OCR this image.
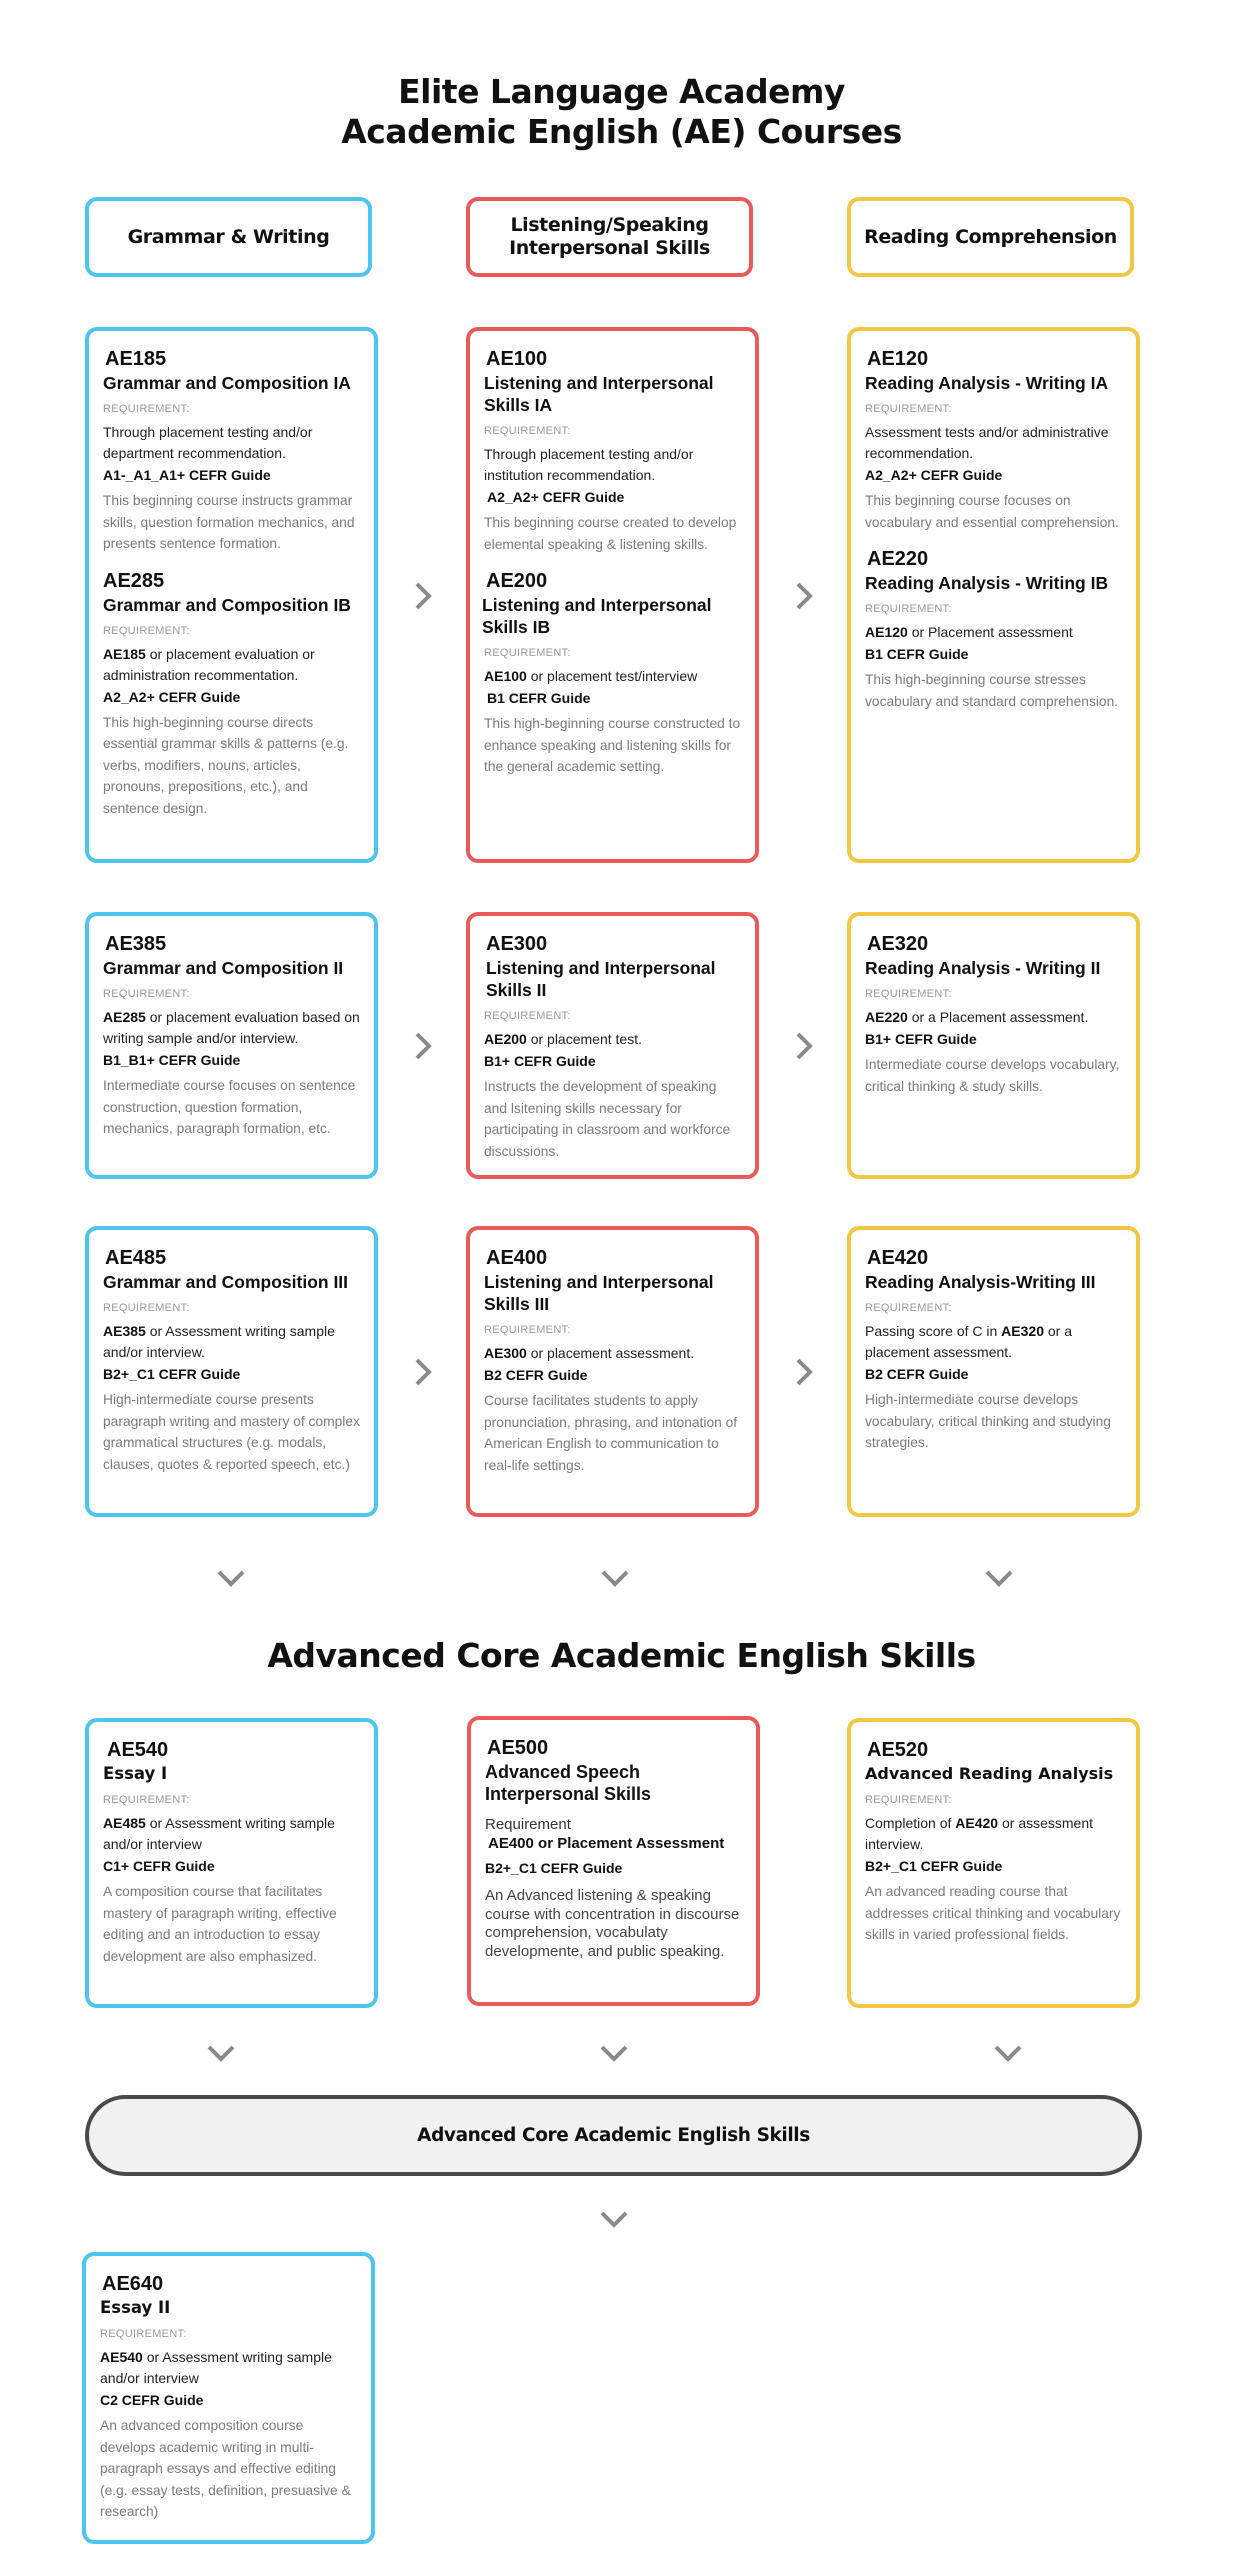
Elite Language Academy
Academic English (AE) Courses
Grammar & Writing
Listening/Speaking
Interpersonal Skills
Reading Comprehension
AE185
Grammar and Composition IA
REQUIREMENT:
Through placement testing and/or department recommendation.
A1-_A1_A1+ CEFR Guide
This beginning course instructs grammar skills, question formation mechanics, and presents sentence formation.
AE285
Grammar and Composition IB
REQUIREMENT:
AE185 or placement evaluation or administration recommentation.
A2_A2+ CEFR Guide
This high-beginning course directs essential grammar skills & patterns (e.g. verbs, modifiers, nouns, articles, pronouns, prepositions, etc.), and sentence design.
AE100
Listening and Interpersonal Skills IA
REQUIREMENT:
Through placement testing and/or institution recommendation.
A2_A2+ CEFR Guide
This beginning course created to develop elemental speaking & listening skills.
AE200
Listening and Interpersonal Skills IB
REQUIREMENT:
AE100 or placement test/interview
B1 CEFR Guide
This high-beginning course constructed to enhance speaking and listening skills for the general academic setting.
AE120
Reading Analysis - Writing IA
REQUIREMENT:
Assessment tests and/or administrative recommendation.
A2_A2+ CEFR Guide
This beginning course focuses on vocabulary and essential comprehension.
AE220
Reading Analysis - Writing IB
REQUIREMENT:
AE120 or Placement assessment
B1 CEFR Guide
This high-beginning course stresses vocabulary and standard comprehension.
AE385
Grammar and Composition II
REQUIREMENT:
AE285 or placement evaluation based on writing sample and/or interview.
B1_B1+ CEFR Guide
Intermediate course focuses on sentence construction, question formation, mechanics, paragraph formation, etc.
AE300
Listening and Interpersonal Skills II
REQUIREMENT:
AE200 or placement test.
B1+ CEFR Guide
Instructs the development of speaking and lsitening skills necessary for participating in classroom and workforce discussions.
AE320
Reading Analysis - Writing II
REQUIREMENT:
AE220 or a Placement assessment.
B1+ CEFR Guide
Intermediate course develops vocabulary, critical thinking & study skills.
AE485
Grammar and Composition III
REQUIREMENT:
AE385 or Assessment writing sample and/or interview.
B2+_C1 CEFR Guide
High-intermediate course presents paragraph writing and mastery of complex grammatical structures (e.g. modals, clauses, quotes & reported speech, etc.)
AE400
Listening and Interpersonal Skills III
REQUIREMENT:
AE300 or placement assessment.
B2 CEFR Guide
Course facilitates students to apply pronunciation, phrasing, and intonation of American English to communication to real-life settings.
AE420
Reading Analysis-Writing III
REQUIREMENT:
Passing score of C in AE320 or a placement assessment.
B2 CEFR Guide
High-intermediate course develops vocabulary, critical thinking and studying strategies.
Advanced Core Academic English Skills
AE540
Essay I
REQUIREMENT:
AE485 or Assessment writing sample and/or interview
C1+ CEFR Guide
A composition course that facilitates mastery of paragraph writing, effective editing and an introduction to essay development are also emphasized.
AE500
Advanced Speech Interpersonal Skills
Requirement
AE400 or Placement Assessment
B2+_C1 CEFR Guide
An Advanced listening & speaking course with concentration in discourse comprehension, vocabulaty developmente, and public speaking.
AE520
Advanced Reading Analysis
REQUIREMENT:
Completion of AE420 or assessment interview.
B2+_C1 CEFR Guide
An advanced reading course that addresses critical thinking and vocabulary skills in varied professional fields.
Advanced Core Academic English Skills
AE640
Essay II
REQUIREMENT:
AE540 or Assessment writing sample and/or interview
C2 CEFR Guide
An advanced composition course develops academic writing in multi-paragraph essays and effective editing (e.g. essay tests, definition, presuasive & research)
